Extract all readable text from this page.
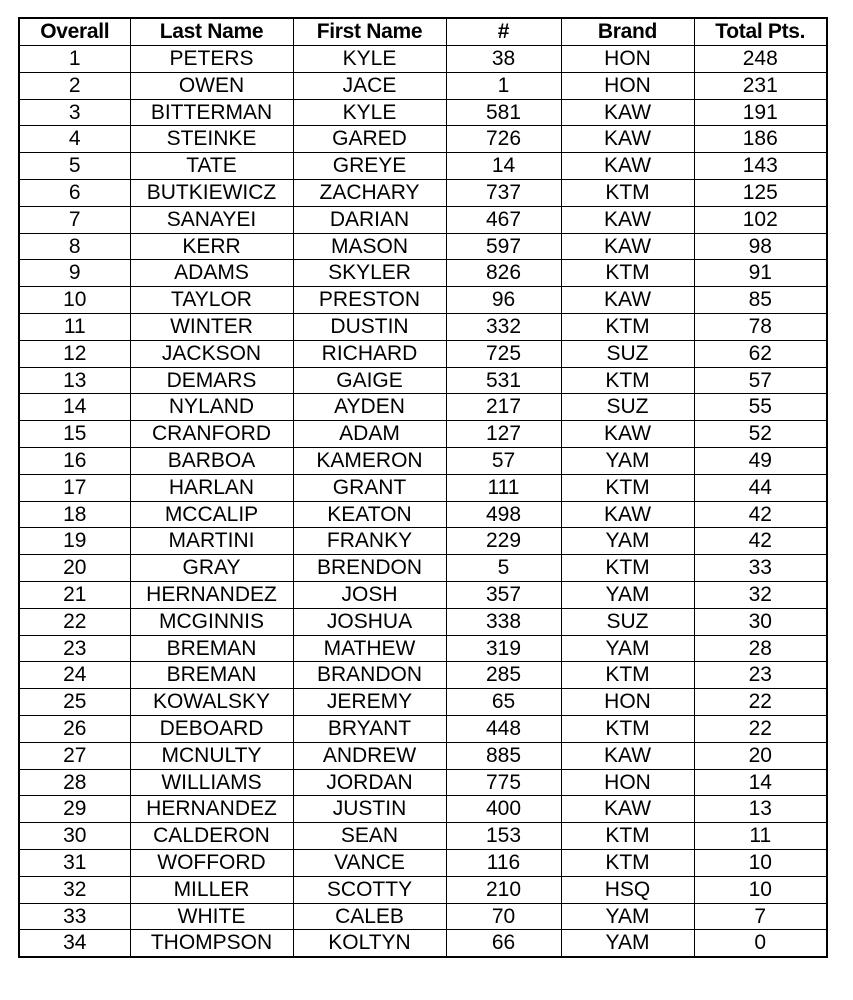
Overall	Last Name	First Name	#	Brand	Total Pts.
1	PETERS	KYLE	38	HON	248
2	OWEN	JACE	1	HON	231
3	BITTERMAN	KYLE	581	KAW	191
4	STEINKE	GARED	726	KAW	186
5	TATE	GREYE	14	KAW	143
6	BUTKIEWICZ	ZACHARY	737	KTM	125
7	SANAYEI	DARIAN	467	KAW	102
8	KERR	MASON	597	KAW	98
9	ADAMS	SKYLER	826	KTM	91
10	TAYLOR	PRESTON	96	KAW	85
11	WINTER	DUSTIN	332	KTM	78
12	JACKSON	RICHARD	725	SUZ	62
13	DEMARS	GAIGE	531	KTM	57
14	NYLAND	AYDEN	217	SUZ	55
15	CRANFORD	ADAM	127	KAW	52
16	BARBOA	KAMERON	57	YAM	49
17	HARLAN	GRANT	111	KTM	44
18	MCCALIP	KEATON	498	KAW	42
19	MARTINI	FRANKY	229	YAM	42
20	GRAY	BRENDON	5	KTM	33
21	HERNANDEZ	JOSH	357	YAM	32
22	MCGINNIS	JOSHUA	338	SUZ	30
23	BREMAN	MATHEW	319	YAM	28
24	BREMAN	BRANDON	285	KTM	23
25	KOWALSKY	JEREMY	65	HON	22
26	DEBOARD	BRYANT	448	KTM	22
27	MCNULTY	ANDREW	885	KAW	20
28	WILLIAMS	JORDAN	775	HON	14
29	HERNANDEZ	JUSTIN	400	KAW	13
30	CALDERON	SEAN	153	KTM	11
31	WOFFORD	VANCE	116	KTM	10
32	MILLER	SCOTTY	210	HSQ	10
33	WHITE	CALEB	70	YAM	7
34	THOMPSON	KOLTYN	66	YAM	0
